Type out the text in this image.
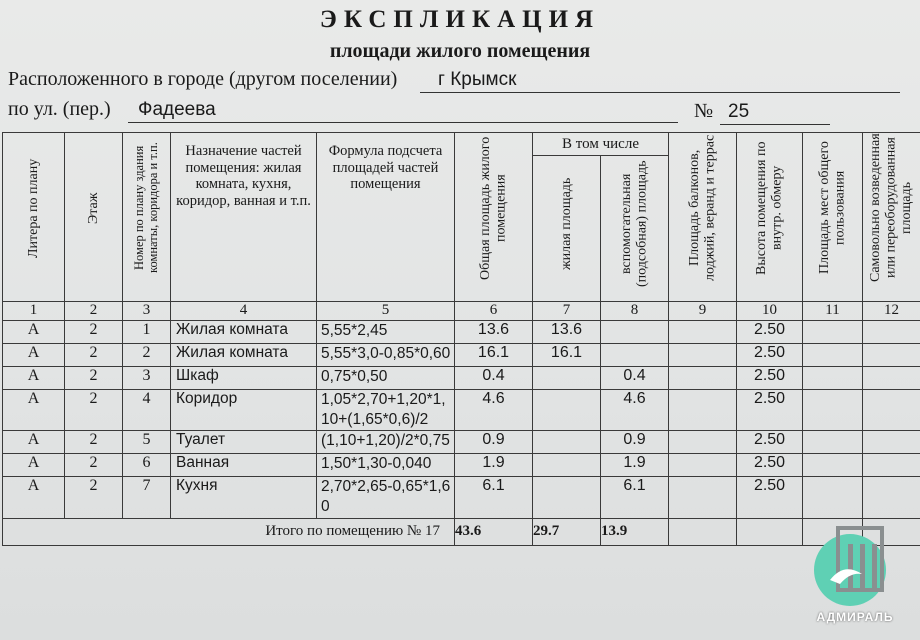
ЭКСПЛИКАЦИЯ
площади жилого помещения
Расположенного в городе (другом поселении) г Крымск
по ул. (пер.) Фадеева	№ 25
Литера по плану	Этаж	Номер по плану здания комнаты, коридора и т.п.	Назначение частей помещения: жилая комната, кухня, коридор, ванная и т.п.	Формула подсчета площадей частей помещения	Общая площадь жилого помещения	В том числе		Площадь балконов, лоджий, веранд и террас	Высота помещения по внутр. обмеру	Площадь мест общего пользования	Самовольно возведенная или переоборудованная площадь

						жилая площадь	вспомогательная (подсобная) площадь				

1	2	3	4	5	6	7	8	9	10	11	12
А	2	1	Жилая комната	5,55*2,45	13.6	13.6			2.50		
А	2	2	Жилая комната	5,55*3,0-0,85*0,60	16.1	16.1			2.50		
А	2	3	Шкаф	0,75*0,50	0.4		0.4		2.50		
А	2	4	Коридор	1,05*2,70+1,20*1,10+(1,65*0,6)/2	4.6		4.6		2.50		
А	2	5	Туалет	(1,10+1,20)/2*0,75	0.9		0.9		2.50		
А	2	6	Ванная	1,50*1,30-0,040	1.9		1.9		2.50		
А	2	7	Кухня	2,70*2,65-0,65*1,60	6.1		6.1		2.50		
Итого по помещению № 17					43.6	29.7	13.9				
АДМИРАЛЬ
